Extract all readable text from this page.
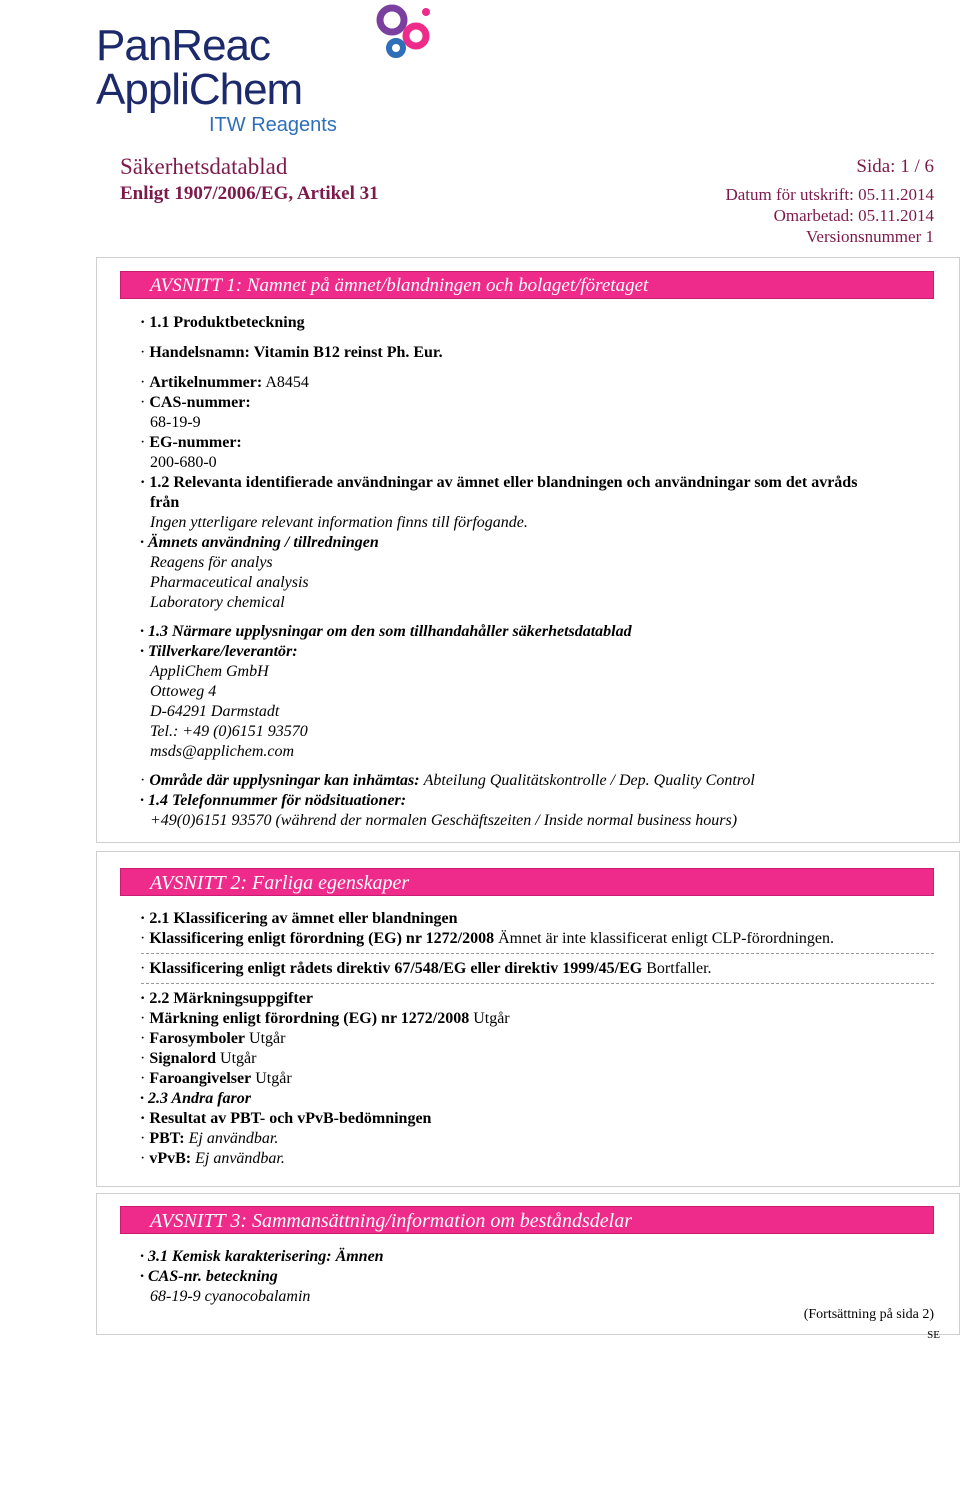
PanReac
AppliChem
ITW Reagents
Säkerhetsdatablad
Enligt 1907/2006/EG, Artikel 31
Sida: 1 / 6
Datum för utskrift: 05.11.2014
Omarbetad: 05.11.2014
Versionsnummer 1
AVSNITT 1: Namnet på ämnet/blandningen och bolaget/företaget
· 1.1 Produktbeteckning
· Handelsnamn: Vitamin B12 reinst Ph. Eur.
· Artikelnummer: A8454
· CAS-nummer:
68-19-9
· EG-nummer:
200-680-0
· 1.2 Relevanta identifierade användningar av ämnet eller blandningen och användningar som det avråds
från
Ingen ytterligare relevant information finns till förfogande.
· Ämnets användning / tillredningen
Reagens för analys
Pharmaceutical analysis
Laboratory chemical
· 1.3 Närmare upplysningar om den som tillhandahåller säkerhetsdatablad
· Tillverkare/leverantör:
AppliChem GmbH
Ottoweg 4
D-64291 Darmstadt
Tel.: +49 (0)6151 93570
msds@applichem.com
· Område där upplysningar kan inhämtas: Abteilung Qualitätskontrolle / Dep. Quality Control
· 1.4 Telefonnummer för nödsituationer:
+49(0)6151 93570 (während der normalen Geschäftszeiten / Inside normal business hours)
AVSNITT 2: Farliga egenskaper
· 2.1 Klassificering av ämnet eller blandningen
· Klassificering enligt förordning (EG) nr 1272/2008 Ämnet är inte klassificerat enligt CLP-förordningen.
· Klassificering enligt rådets direktiv 67/548/EG eller direktiv 1999/45/EG Bortfaller.
· 2.2 Märkningsuppgifter
· Märkning enligt förordning (EG) nr 1272/2008 Utgår
· Farosymboler Utgår
· Signalord Utgår
· Faroangivelser Utgår
· 2.3 Andra faror
· Resultat av PBT- och vPvB-bedömningen
· PBT: Ej användbar.
· vPvB: Ej användbar.
AVSNITT 3: Sammansättning/information om beståndsdelar
· 3.1 Kemisk karakterisering: Ämnen
· CAS-nr. beteckning
68-19-9 cyanocobalamin
(Fortsättning på sida 2)
SE
